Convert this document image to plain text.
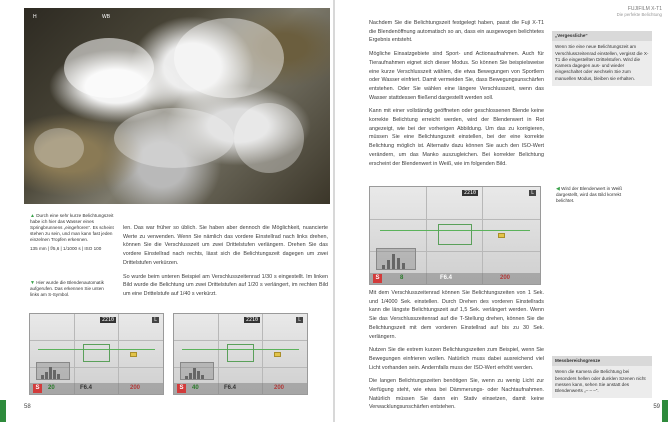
H	WB
▲ Durch eine sehr kurze Belichtungszeit habe ich hier das Wasser eines Springbrunnens „eingefroren“. Es scheint stehen zu sein, und man kann fast jeden einzelnen Tropfen erkennen.
135 mm | f/5,6 | 1/1000 s | ISO 100
▼ Hier wurde die Blendenautomatik aufgerufen. Das erkennen Sie unten links am S-Symbol.

len. Das war früher so üblich. Sie haben aber dennoch die Möglichkeit, nuancierte Werte zu verwenden. Wenn Sie nämlich das vordere Einstellrad nach links drehen, können Sie die Verschlusszeit um zwei Drittelstufen verlängern. Drehen Sie das vordere Einstellrad nach rechts, lässt sich die Belichtungszeit dagegen um zwei Drittelstufen verkürzen.

So wurde beim unteren Beispiel am Verschlusszeitenrad 1/30 s eingestellt. Im linken Bild wurde die Belichtung um zwei Drittelstufen auf 1/20 s verlängert, im rechten Bild um eine Drittelstufe auf 1/40 s verkürzt.

58
2210	L
S	20	F6.4	200
2210	L
S	40	F6.4	200
FUJIFILM X-T1
Die perfekte Belichtung
59

Nachdem Sie die Belichtungszeit festgelegt haben, passt die Fuji X-T1 die Blendenöffnung automatisch so an, dass ein ausgewogen belichtetes Ergebnis entsteht.

Mögliche Einsatzgebiete sind Sport- und Actionaufnahmen. Auch für Tieraufnahmen eignet sich dieser Modus. So können Sie beispielsweise eine kurze Verschlusszeit wählen, die etwa Bewegungen von Sportlern oder Wasser einfriert. Damit vermeiden Sie, dass Bewegungsunschärfen entstehen. Oder Sie wählen eine längere Verschlusszeit, wenn das Wasser stattdessen fließend dargestellt werden soll.

Kann mit einer vollständig geöffneten oder geschlossenen Blende keine korrekte Belichtung erreicht werden, wird der Blendenwert in Rot angezeigt, wie bei der vorherigen Abbildung. Um das zu korrigieren, müssen Sie eine Belichtungszeit einstellen, bei der eine korrekte Belichtung möglich ist. Alternativ dazu können Sie auch den ISO-Wert verändern, um das Manko auszugleichen. Bei korrekter Belichtung erscheint der Blendenwert in Weiß, wie im folgenden Bild.

„Vergessliche“
Wenn Sie eine neue Belichtungszeit am Verschlusszeitenrad einstellen, vergisst die X-T1 die eingestellten Drittelstufen. Wird die Kamera dagegen aus- und wieder eingeschaltet oder wechseln Sie zum manuellen Modus, bleiben sie erhalten.
2210	L
S	8	F6.4	200
◀ Wird der Blendenwert in Weiß dargestellt, wird das Bild korrekt belichtet.

Mit dem Verschlusszeitenrad können Sie Belichtungszeiten von 1 Sek. und 1/4000 Sek. einstellen. Durch Drehen des vorderen Einstellrads kann die längste Belichtungszeit auf 1,5 Sek. verlängert werden. Wenn Sie das Verschlusszeitenrad auf die T-Stellung drehen, können Sie die Belichtungszeit mit dem vorderen Einstellrad auf bis zu 30 Sek. verlängern.

Nutzen Sie die extrem kurzen Belichtungszeiten zum Beispiel, wenn Sie Bewegungen einfrieren wollen. Natürlich muss dabei ausreichend viel Licht vorhanden sein. Andernfalls muss der ISO-Wert erhöht werden.

Die langen Belichtungszeiten benötigen Sie, wenn zu wenig Licht zur Verfügung steht, wie etwa bei Dämmerungs- oder Nachtaufnahmen. Natürlich müssen Sie dann ein Stativ einsetzen, damit keine Verwacklungsunschärfen entstehen.

Messbereichsgrenze
Wenn die Kamera die Belichtung bei besonders hellen oder dunklen Szenen nicht messen kann, sehen Sie anstatt des Blendenwerts „– – –“.
